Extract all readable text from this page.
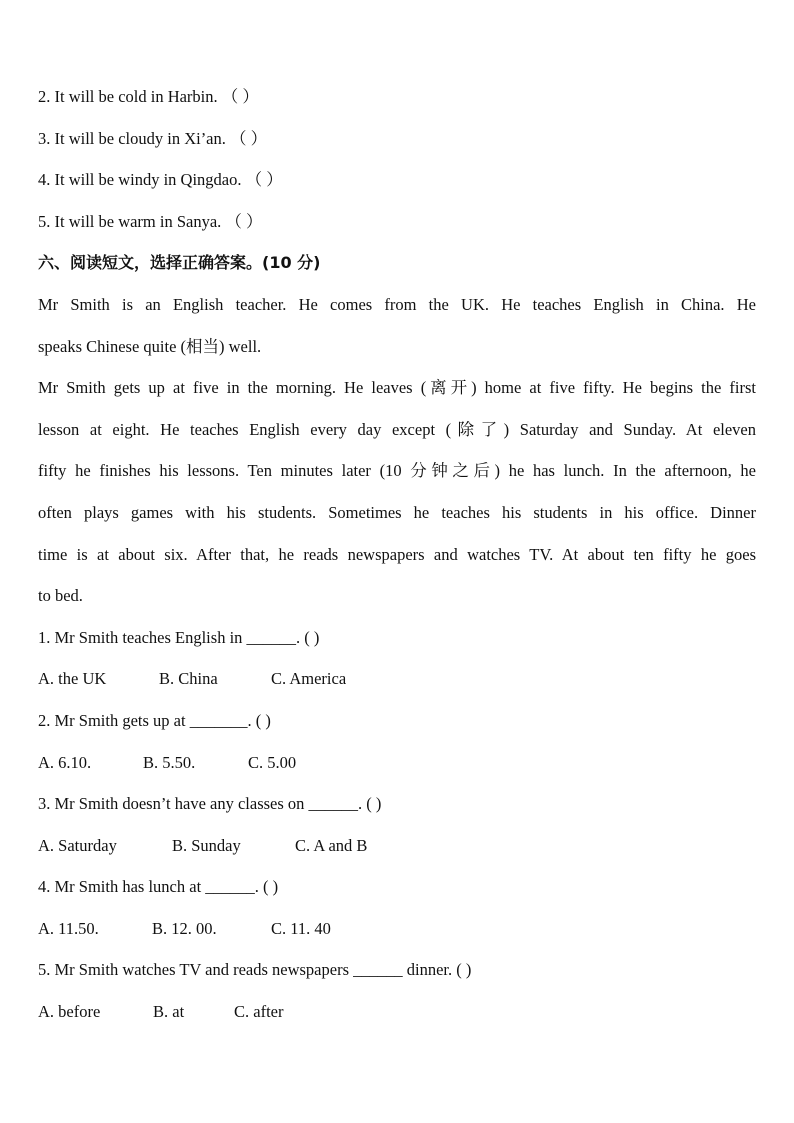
2. It will be cold in Harbin. （ ）
3. It will be cloudy in Xi’an. （ ）
4. It will be windy in Qingdao. （ ）
5. It will be warm in Sanya. （ ）
六、阅读短文，选择正确答案。(10 分)
Mr Smith is an English teacher. He comes from the UK. He teaches English in China. He
speaks Chinese quite (相当) well.
Mr Smith gets up at five in the morning. He leaves (离开) home at five fifty. He begins the first
lesson at eight. He teaches English every day except (除了) Saturday and Sunday. At eleven
fifty he finishes his lessons. Ten minutes later (10 分钟之后) he has lunch. In the afternoon, he
often plays games with his students. Sometimes he teaches his students in his office. Dinner
time is at about six. After that, he reads newspapers and watches TV. At about ten fifty he goes
to bed.
1. Mr Smith teaches English in ______. ( )
A. the UK	B. China	C. America
2. Mr Smith gets up at _______. ( )
A. 6.10.	B. 5.50.	C. 5.00
3. Mr Smith doesn’t have any classes on ______. ( )
A. Saturday	B. Sunday	C. A and B
4. Mr Smith has lunch at ______. ( )
A. 11.50.	B. 12. 00.	C. 11. 40
5. Mr Smith watches TV and reads newspapers ______ dinner. ( )
A. before	B. at	C. after
